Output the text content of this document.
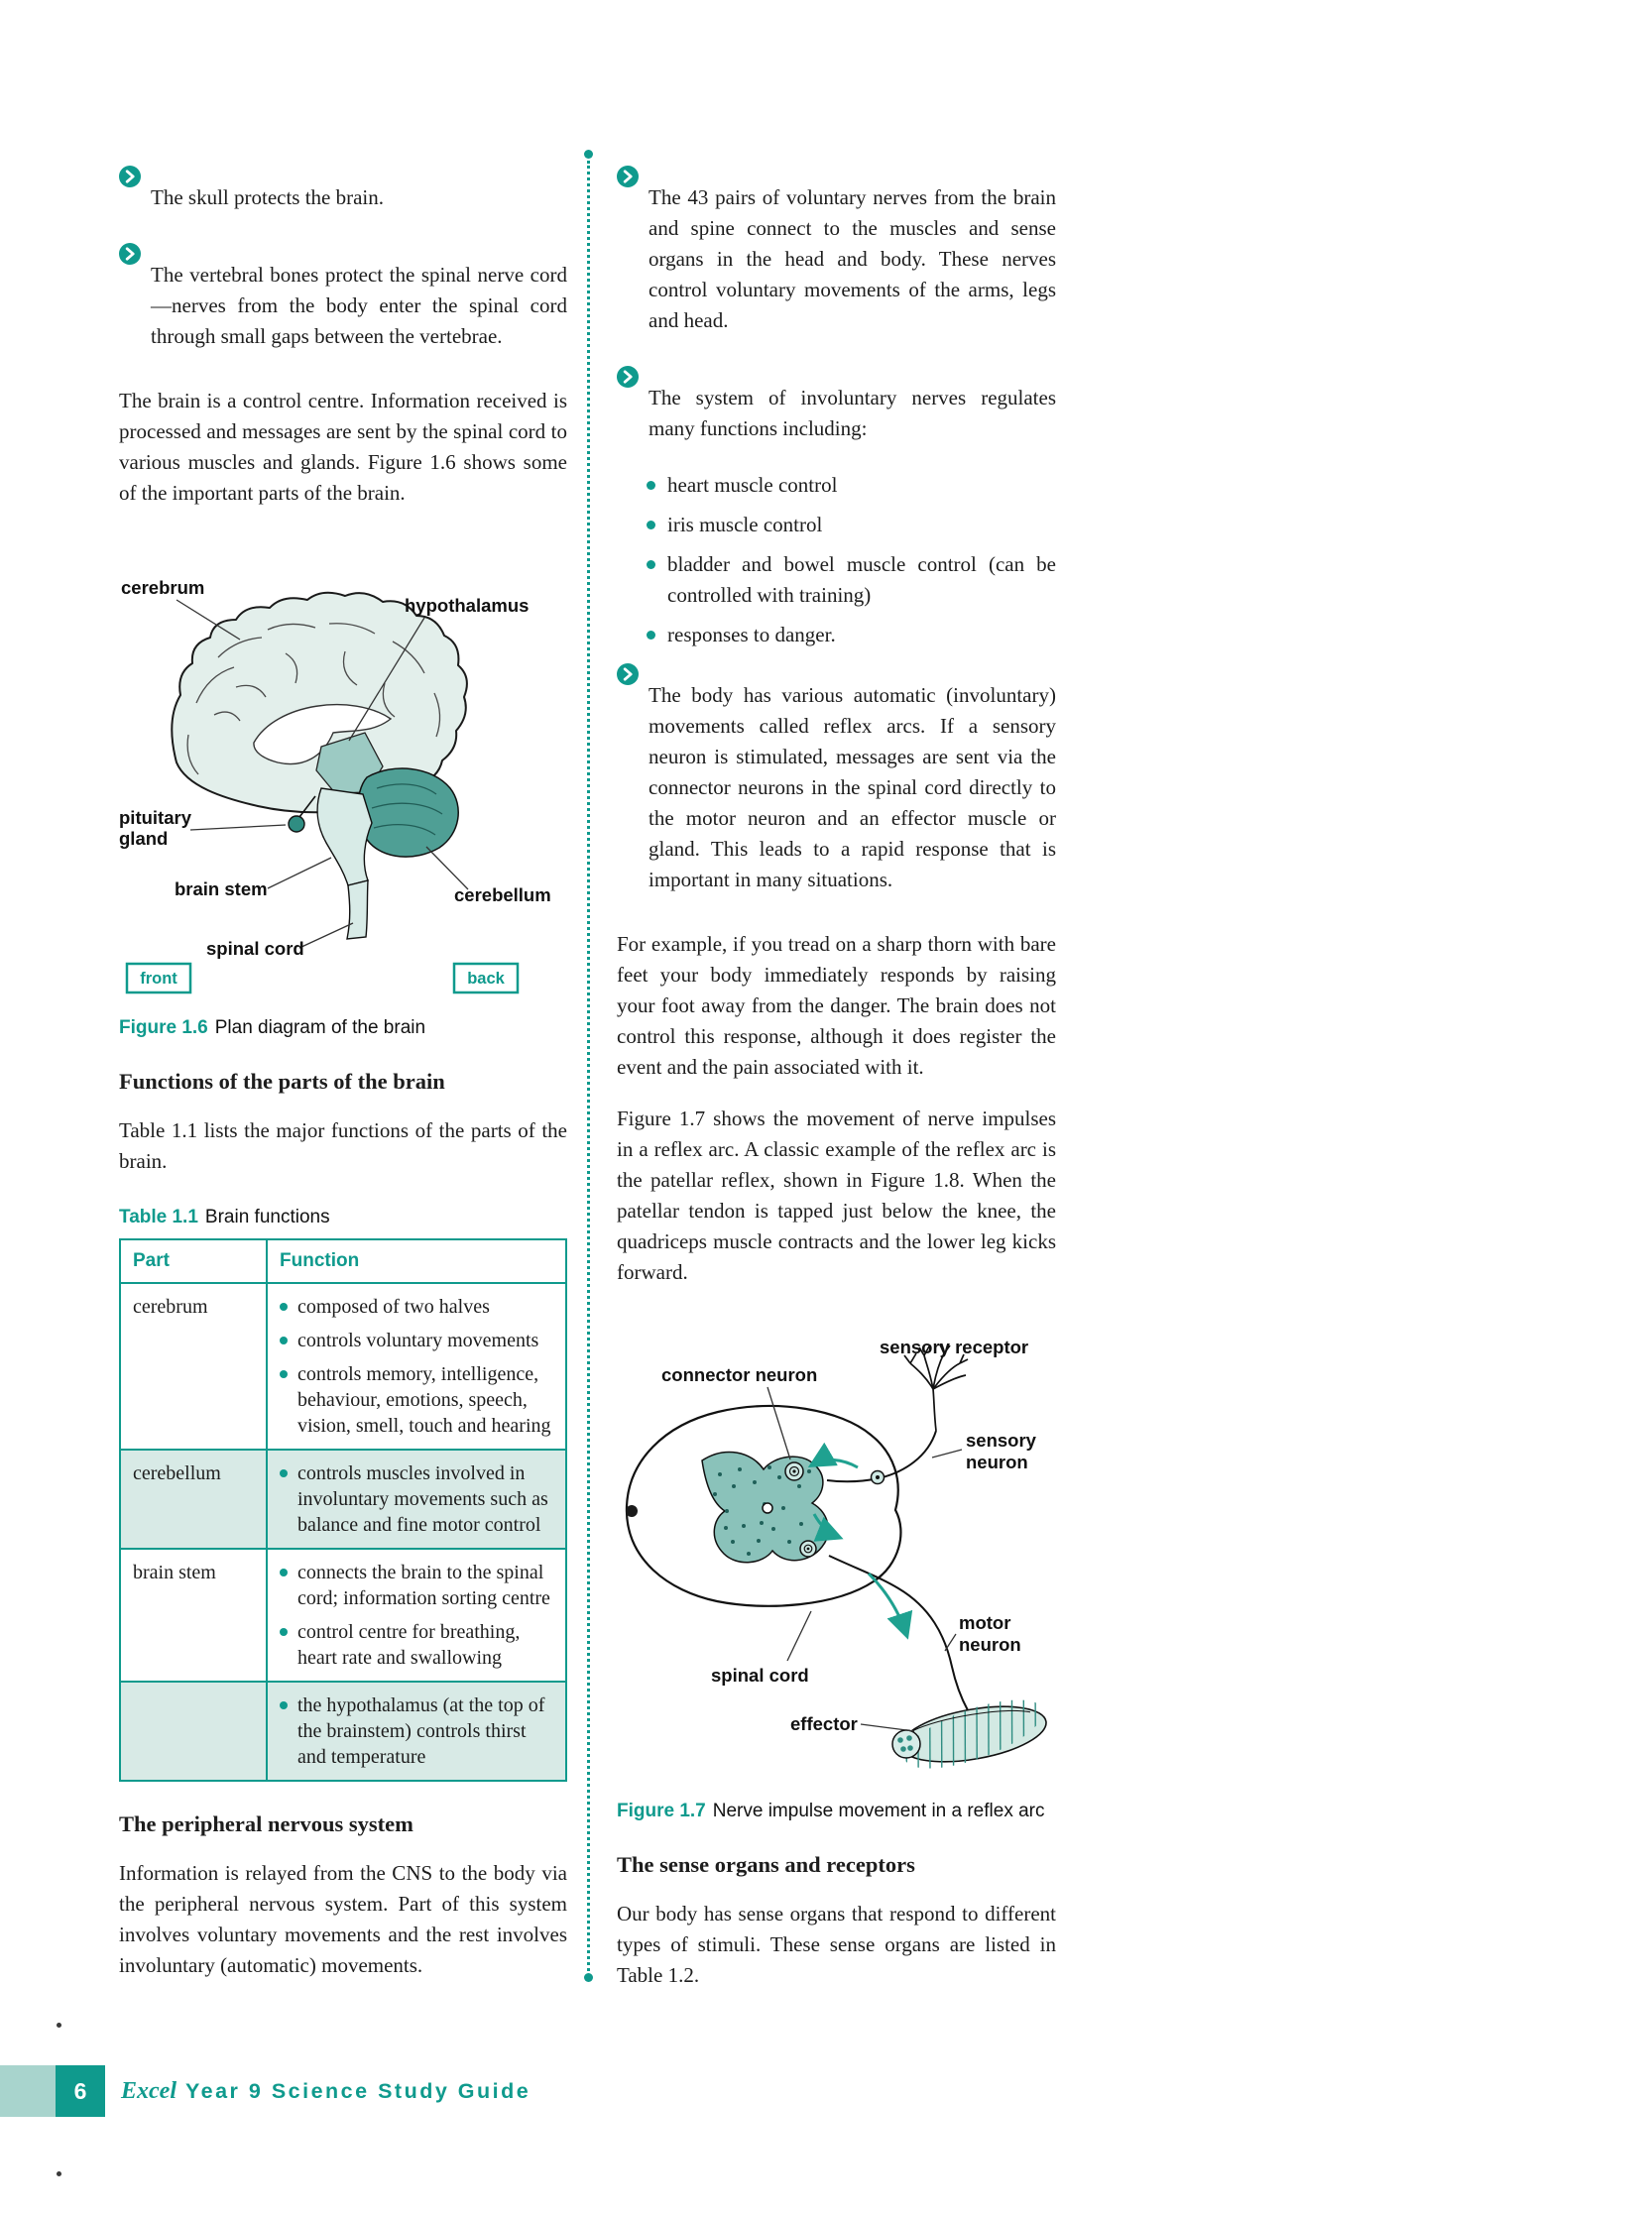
The skull protects the brain.

The vertebral bones protect the spinal nerve cord—nerves from the body enter the spinal cord through small gaps between the vertebrae.

The brain is a control centre. Information received is processed and messages are sent by the spinal cord to various muscles and glands. Figure 1.6 shows some of the important parts of the brain.

cerebrum
hypothalamus
pituitary
gland
brain stem
spinal cord
cerebellum
front	back
Figure 1.6 Plan diagram of the brain
Functions of the parts of the brain

Table 1.1 lists the major functions of the parts of the brain.

Table 1.1 Brain functions

Part	Function
cerebrum	composed of two halves
controls voluntary movements
controls memory, intelligence, behaviour, emotions, speech, vision, smell, touch and hearing

cerebellum	controls muscles involved in involuntary movements such as balance and fine motor control

brain stem	connects the brain to the spinal cord; information sorting centre
control centre for breathing, heart rate and swallowing

	the hypothalamus (at the top of the brainstem) controls thirst and temperature
The peripheral nervous system

Information is relayed from the CNS to the body via the peripheral nervous system. Part of this system involves voluntary movements and the rest involves involuntary (automatic) movements.

The 43 pairs of voluntary nerves from the brain and spine connect to the muscles and sense organs in the head and body. These nerves control voluntary movements of the arms, legs and head.

The system of involuntary nerves regulates many functions including:

heart muscle control
iris muscle control
bladder and bowel muscle control (can be controlled with training)
responses to danger.

The body has various automatic (involuntary) movements called reflex arcs. If a sensory neuron is stimulated, messages are sent via the connector neurons in the spinal cord directly to the motor neuron and an effector muscle or gland. This leads to a rapid response that is important in many situations.

For example, if you tread on a sharp thorn with bare feet your body immediately responds by raising your foot away from the danger. The brain does not control this response, although it does register the event and the pain associated with it.

Figure 1.7 shows the movement of nerve impulses in a reflex arc. A classic example of the reflex arc is the patellar reflex, shown in Figure 1.8. When the patellar tendon is tapped just below the knee, the quadriceps muscle contracts and the lower leg kicks forward.

connector neuron
sensory receptor
sensory
neuron
motor
neuron
spinal cord
effector
Figure 1.7 Nerve impulse movement in a reflex arc
The sense organs and receptors

Our body has sense organs that respond to different types of stimuli. These sense organs are listed in Table 1.2.

6 Excel Year 9 Science Study Guide
